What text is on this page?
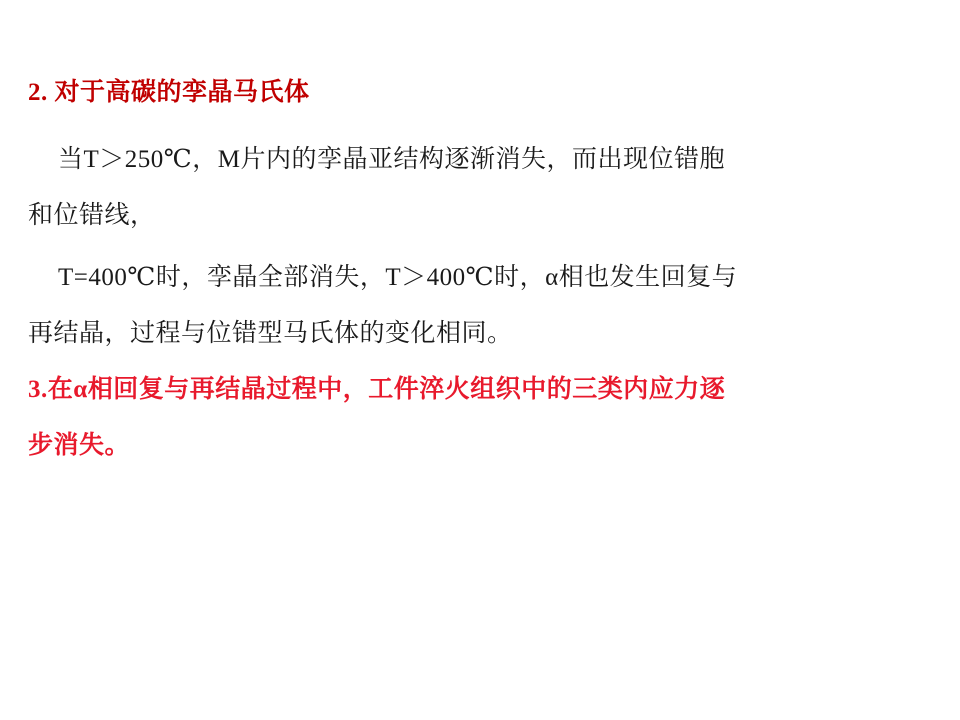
2. 对于高碳的孪晶马氏体
当T＞250℃，M片内的孪晶亚结构逐渐消失，而出现位错胞
和位错线，
T=400℃时，孪晶全部消失，T＞400℃时，α相也发生回复与
再结晶，过程与位错型马氏体的变化相同。
3.在α相回复与再结晶过程中，工件淬火组织中的三类内应力逐
步消失。
